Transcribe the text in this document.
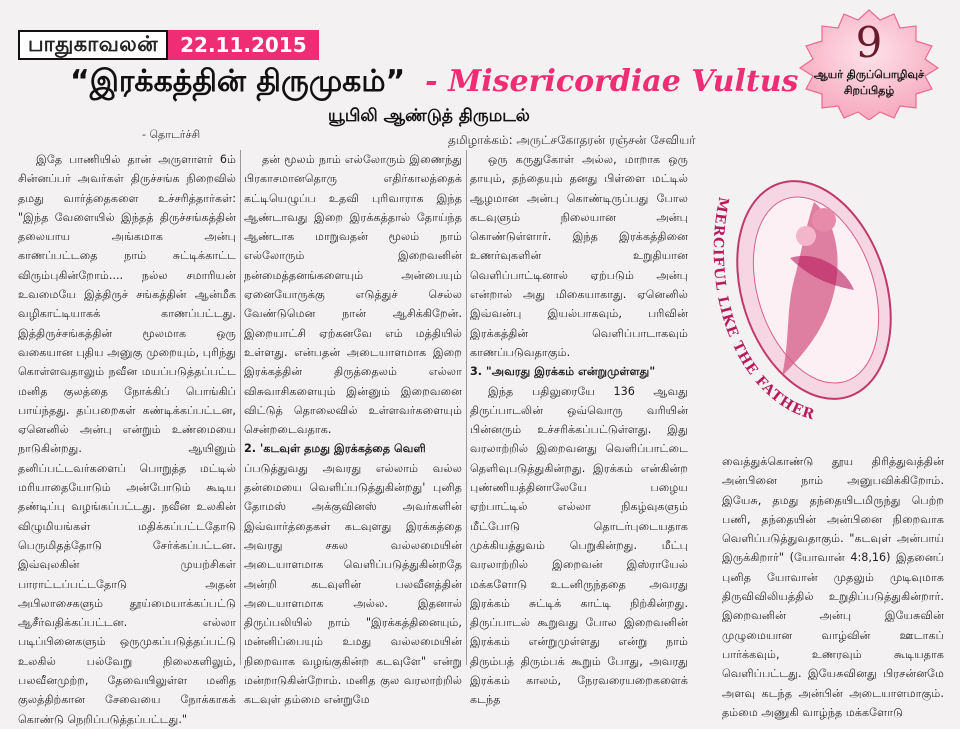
பாதுகாவலன்	22.11.2015
“இரக்கத்தின் திருமுகம்” - Misericordiae Vultus
யூபிலி ஆண்டுத் திருமடல்
- தொடர்ச்சி	தமிழாக்கம்: அருட்சகோதரன் ரஞ்சன் சேவியர்
9
ஆயர் திருப்பொழிவுச்
சிறப்பிதழ்

இதே பாணியில் தான் அருளாளர் 6ம் சின்னப்பர் அவர்கள் திருச்சங்க நிறைவில் தமது வார்த்தைகளை உச்சரித்தார்கள்: "இந்த வேளையில் இந்தத் திருச்சங்கத்தின் தலையாய அங்கமாக அன்பு காணப்பட்டதை நாம் சுட்டிக்காட்ட விரும்புகின்றோம்.... நல்ல சமாரியன் உவமையே இத்திருச் சங்கத்தின் ஆன்மீக வழிகாட்டியாகக் காணப்பட்டது. இத்திருச்சங்கத்தின் மூலமாக ஒரு வகையான புதிய அனுகு முறையும், புரிந்து கொள்ளவதாலும் நவீன மயப்படுத்தப்பட்ட மனித குலத்தை நோக்கிப் பொங்கிப் பாய்ந்தது. தப்பறைகள் கண்டிக்கப்பட்டன, ஏனெனில் அன்பு என்றும் உண்மையை நாடுகின்றது. ஆயினும் தனிப்பட்டவர்களைப் பொறுத்த மட்டில் மரியாதையோடும் அன்போடும் கூடிய தண்டிப்பு வழங்கப்பட்டது. நவீன உலகின் விழுமியங்கள் மதிக்கப்பட்டதோடு பெருமிதத்தோடு சேர்க்கப்பட்டன. இவ்வுலகின் முயற்சிகள் பாராட்டப்பட்டதோடு அதன் அபிலாசைகளும் தூய்மையாக்கப்பட்டு ஆசீர்வதிக்கப்பட்டன. எல்லா படிப்பினைகளும் ஒருமுகப்படுத்தப்பட்டு உலகில் பல்வேறு நிலைகளிலும், பலவீனமுற்ற, தேவையிலுள்ள மனித குலத்திற்கான சேவையை நோக்காகக் கொண்டு நெறிப்படுத்தப்பட்டது."

தன் மூலம் நாம் எல்லோரும் இணைந்து பிரகாசமானதொரு எதிர்காலத்தைக் கட்டியெழுப்ப உதவி புரிவாராக இந்த ஆண்டாவது இறை இரக்கத்தால் தோய்ந்த ஆண்டாக மாறுவதன் மூலம் நாம் எல்லோரும் இறைவனின் நன்மைத்தனங்களையும் அன்பையும் ஏனையோருக்கு எடுத்துச் செல்ல வேண்டுமென நான் ஆசிக்கிறேன். இறையாட்சி ஏற்கனவே எம் மத்தியில் உள்ளது. என்பதன் அடையாளமாக இறை இரக்கத்தின் திருத்தைலம் எல்லா விசுவாசிகளையும் இன்னும் இறைவனை விட்டுத் தொலைவில் உள்ளவர்களையும் சென்றடைவதாக.

2. 'கடவுள் தமது இரக்கத்தை வெளி

ப்படுத்துவது அவரது எல்லாம் வல்ல தன்மையை வெளிப்படுத்துகின்றது' புனித தோமஸ் அக்குவினஸ் அவர்களின் இவ்வார்த்தைகள் கடவுளது இரக்கத்தை அவரது சகல வல்லமையின் அடையாளமாக வெளிப்படுத்துகின்றதே அன்றி கடவுளின் பலவீனத்தின் அடையாளமாக அல்ல. இதனால் திருப்பலியில் நாம் "இரக்கத்தினையும், மன்னிப்பையும் உமது வல்லமையின் நிறைவாக வழங்குகின்ற கடவுளே" என்று மன்றாடுகின்றோம். மனித குல வரலாற்றில் கடவுள் தம்மை என்றுமே

ஒரு கருதுகோள் அல்ல, மாறாக ஒரு தாயும், தந்தையும் தனது பிள்ளை மட்டில் ஆழமான அன்பு கொண்டிருப்பது போல கடவுளும் நிலையான அன்பு கொண்டுள்ளார். இந்த இரக்கத்தினை உணர்வுகளின் உறுதியான வெளிப்பாட்டினால் ஏற்படும் அன்பு என்றால் அது மிகையாகாது. ஏனெனில் இவ்வன்பு இயல்பாகவும், பரிவின் இரக்கத்தின் வெளிப்பாடாகவும் காணப்படுவதாகும்.

3. "அவரது இரக்கம் என்றுமுள்ளது"

இந்த பதிலுரையே 136 ஆவது திருப்பாடலின் ஒவ்வொரு வரியின் பின்னரும் உச்சரிக்கப்பட்டுள்ளது. இது வரலாற்றில் இறைவனது வெளிப்பாட்டை தெளிவுபடுத்துகின்றது. இரக்கம் என்கின்ற புண்ணியத்தினாலேயே பழைய ஏற்பாட்டில் எல்லா நிகழ்வுகளும் மீட்போடு தொடர்புடையதாக முக்கியத்துவம் பெறுகின்றது. மீட்பு வரலாற்றில் இறைவன் இஸ்ராயேல் மக்களோடு உடனிருந்ததை அவரது இரக்கம் சுட்டிக் காட்டி நிற்கின்றது. திருப்பாடல் கூறுவது போல இறைவனின் இரக்கம் என்றுமுள்ளது என்று நாம் திரும்பத் திரும்பக் கூறும் போது, அவரது இரக்கம் காலம், நேரவரையறைகளைக் கடந்த

MERCIFUL LIKE THE FATHER

வைத்துக்கொண்டு தூய திரித்துவத்தின் அன்பினை நாம் அனுபவிக்கிறோம். இயேசு, தமது தந்தையிடமிருந்து பெற்ற பணி, தந்தையின் அன்பினை நிறைவாக வெளிப்படுத்துவதாகும். "கடவுள் அன்பாய் இருக்கிறார்" (யோவான் 4:8,16) இதனைப் புனித யோவான் முதலும் முடிவுமாக திருவிவிலியத்தில் உறுதிப்படுத்துகின்றார். இறைவனின் அன்பு இயேசுவின் முழுமையான வாழ்வின் ஊடாகப் பார்க்கவும், உணரவும் கூடியதாக வெளிப்பட்டது. இயேசுவினது பிரசன்னமே அளவு கடந்த அன்பின் அடையாளமாகும். தம்மை அணுகி வாழ்ந்த மக்களோடு
